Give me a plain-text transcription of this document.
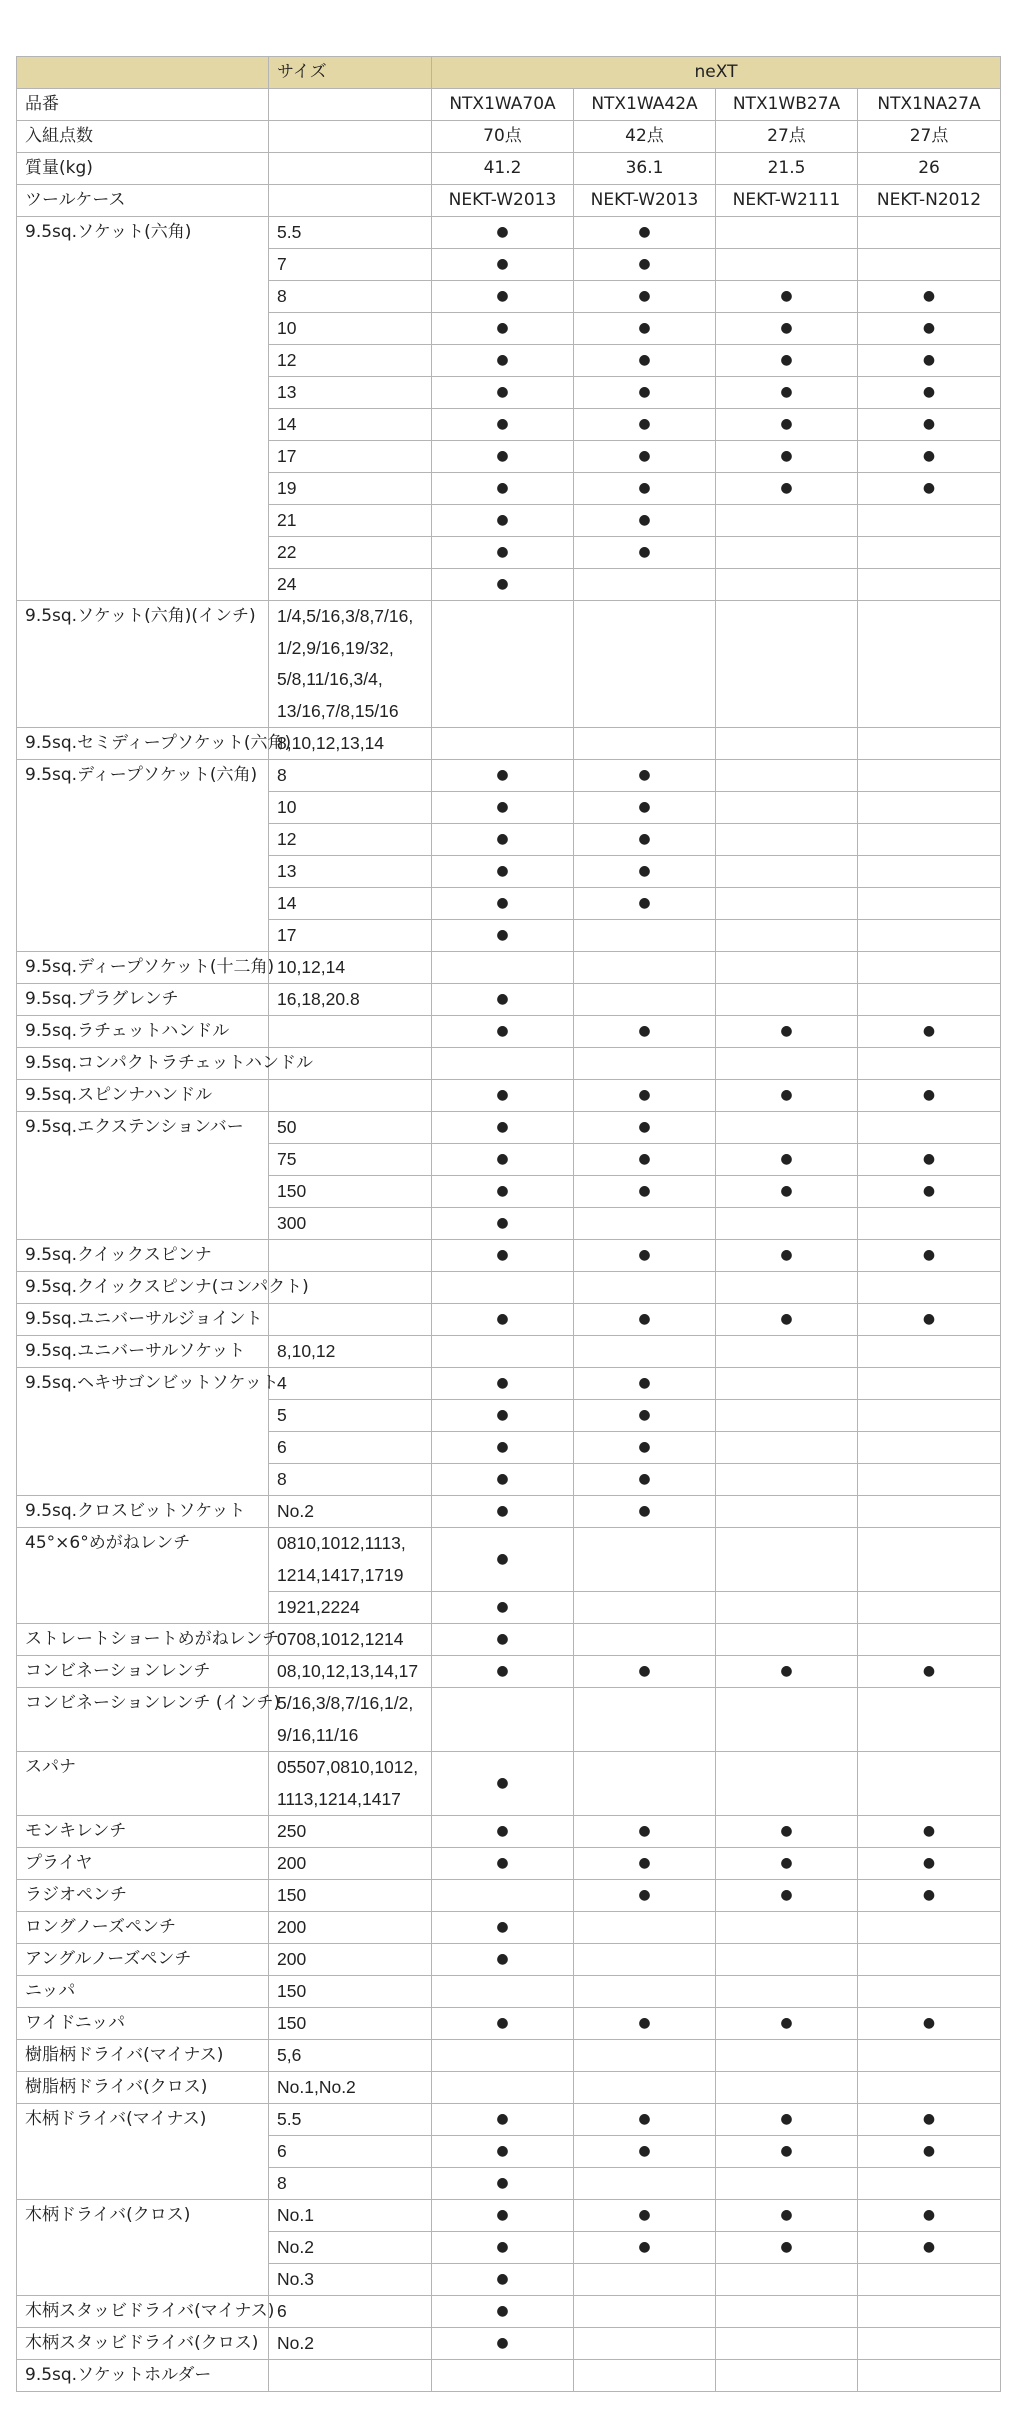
	サイズ	neXT			
品番		NTX1WA70A	NTX1WA42A	NTX1WB27A	NTX1NA27A
入組点数		70点	42点	27点	27点
質量(kg)		41.2	36.1	21.5	26
ツールケース		NEKT-W2013	NEKT-W2013	NEKT-W2111	NEKT-N2012
9.5sq.ソケット(六角)	5.5	●	●		
	7	●	●		
	8	●	●	●	●
	10	●	●	●	●
	12	●	●	●	●
	13	●	●	●	●
	14	●	●	●	●
	17	●	●	●	●
	19	●	●	●	●
	21	●	●		
	22	●	●		
	24	●			
9.5sq.ソケット(六角)(インチ)	1/4,5/16,3/8,7/16,
1/2,9/16,19/32,
5/8,11/16,3/4,
13/16,7/8,15/16				
9.5sq.セミディープソケット(六角)	8,10,12,13,14				
9.5sq.ディープソケット(六角)	8	●	●		
	10	●	●		
	12	●	●		
	13	●	●		
	14	●	●		
	17	●			
9.5sq.ディープソケット(十二角)	10,12,14				
9.5sq.プラグレンチ	16,18,20.8	●			
9.5sq.ラチェットハンドル		●	●	●	●
9.5sq.コンパクトラチェットハンドル					
9.5sq.スピンナハンドル		●	●	●	●
9.5sq.エクステンションバー	50	●	●		
	75	●	●	●	●
	150	●	●	●	●
	300	●			
9.5sq.クイックスピンナ		●	●	●	●
9.5sq.クイックスピンナ(コンパクト)					
9.5sq.ユニバーサルジョイント		●	●	●	●
9.5sq.ユニバーサルソケット	8,10,12				
9.5sq.ヘキサゴンビットソケット	4	●	●		
	5	●	●		
	6	●	●		
	8	●	●		
9.5sq.クロスビットソケット	No.2	●	●		
45°×6°めがねレンチ	0810,1012,1113,
1214,1417,1719	●			
	1921,2224	●			
ストレートショートめがねレンチ	0708,1012,1214	●			
コンビネーションレンチ	08,10,12,13,14,17	●	●	●	●
コンビネーションレンチ (インチ)	5/16,3/8,7/16,1/2,
9/16,11/16				
スパナ	05507,0810,1012,
1113,1214,1417	●			
モンキレンチ	250	●	●	●	●
プライヤ	200	●	●	●	●
ラジオペンチ	150		●	●	●
ロングノーズペンチ	200	●			
アングルノーズペンチ	200	●			
ニッパ	150				
ワイドニッパ	150	●	●	●	●
樹脂柄ドライバ(マイナス)	5,6				
樹脂柄ドライバ(クロス)	No.1,No.2				
木柄ドライバ(マイナス)	5.5	●	●	●	●
	6	●	●	●	●
	8	●			
木柄ドライバ(クロス)	No.1	●	●	●	●
	No.2	●	●	●	●
	No.3	●			
木柄スタッビドライバ(マイナス)	6	●			
木柄スタッビドライバ(クロス)	No.2	●			
9.5sq.ソケットホルダー					
